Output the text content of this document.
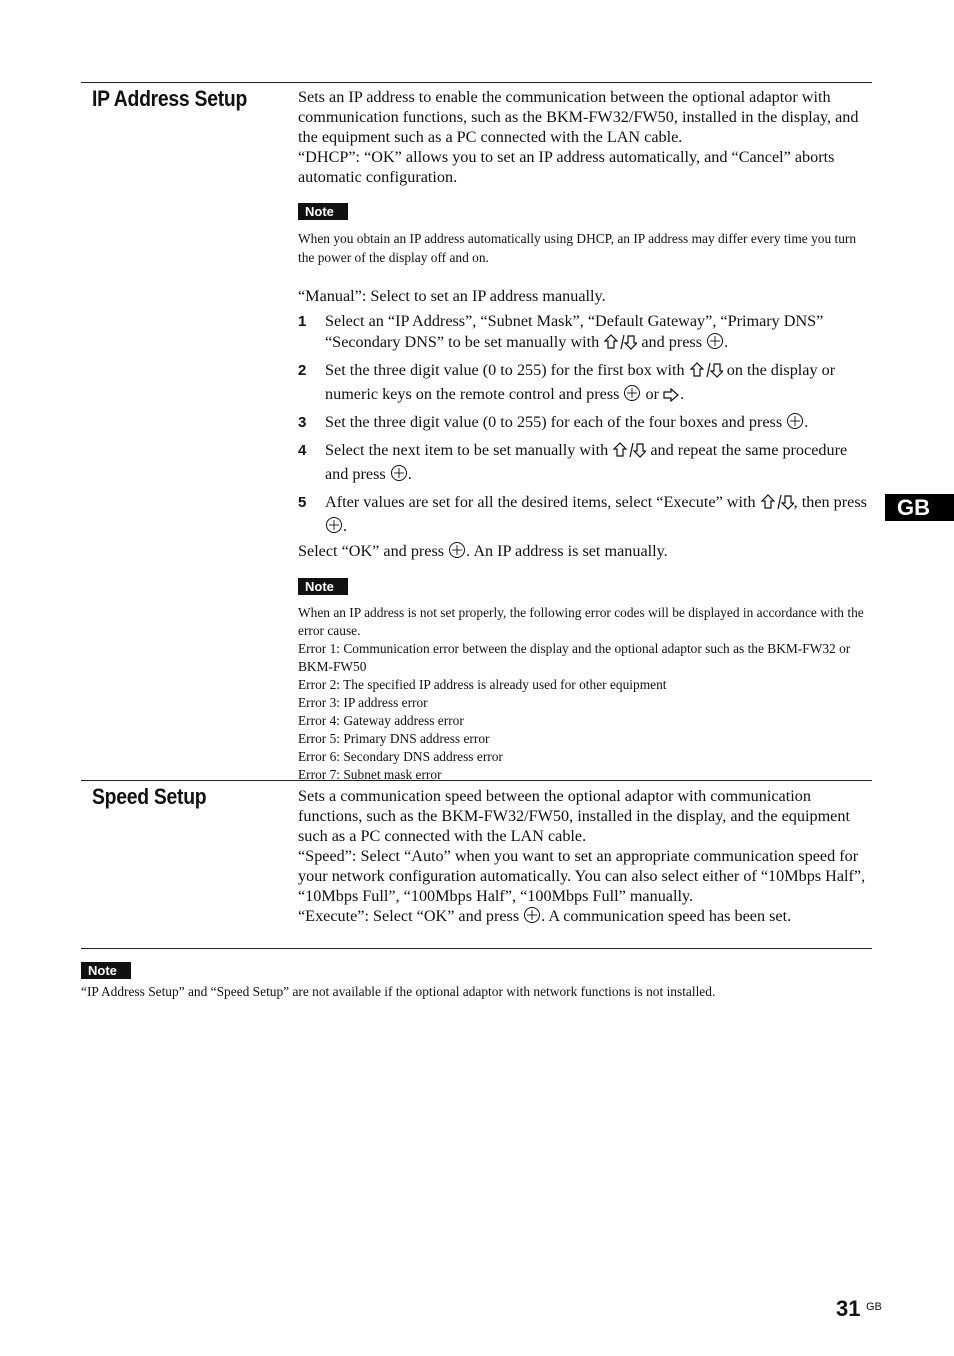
IP Address Setup	Sets an IP address to enable the communication between the optional adaptor with communication functions, such as the BKM-FW32/FW50, installed in the display, and the equipment such as a PC connected with the LAN cable.

“DHCP”: “OK” allows you to set an IP address automatically, and “Cancel” aborts automatic configuration.

Note

When you obtain an IP address automatically using DHCP, an IP address may differ every time you turn the power of the display off and on.

“Manual”: Select to set an IP address manually.

1 Select an “IP Address”, “Subnet Mask”, “Default Gateway”, “Primary DNS” “Secondary DNS” to be set manually with  and press .
2 Set the three digit value (0 to 255) for the first box with  on the display or numeric keys on the remote control and press  or .
3 Set the three digit value (0 to 255) for each of the four boxes and press .
4 Select the next item to be set manually with  and repeat the same procedure and press .
5 After values are set for all the desired items, select “Execute” with , then press .

Select “OK” and press . An IP address is set manually.

Note

When an IP address is not set properly, the following error codes will be displayed in accordance with the error cause.

Error 1: Communication error between the display and the optional adaptor such as the BKM-FW32 or BKM-FW50

Error 2: The specified IP address is already used for other equipment

Error 3: IP address error

Error 4: Gateway address error

Error 5: Primary DNS address error

Error 6: Secondary DNS address error

Error 7: Subnet mask error

Speed Setup	Sets a communication speed between the optional adaptor with communication functions, such as the BKM-FW32/FW50, installed in the display, and the equipment such as a PC connected with the LAN cable.

“Speed”: Select “Auto” when you want to set an appropriate communication speed for your network configuration automatically. You can also select either of “10Mbps Half”, “10Mbps Full”, “100Mbps Half”, “100Mbps Full” manually.

“Execute”: Select “OK” and press . A communication speed has been set.

Note

“IP Address Setup” and “Speed Setup” are not available if the optional adaptor with network functions is not installed.

GB
31 GB
